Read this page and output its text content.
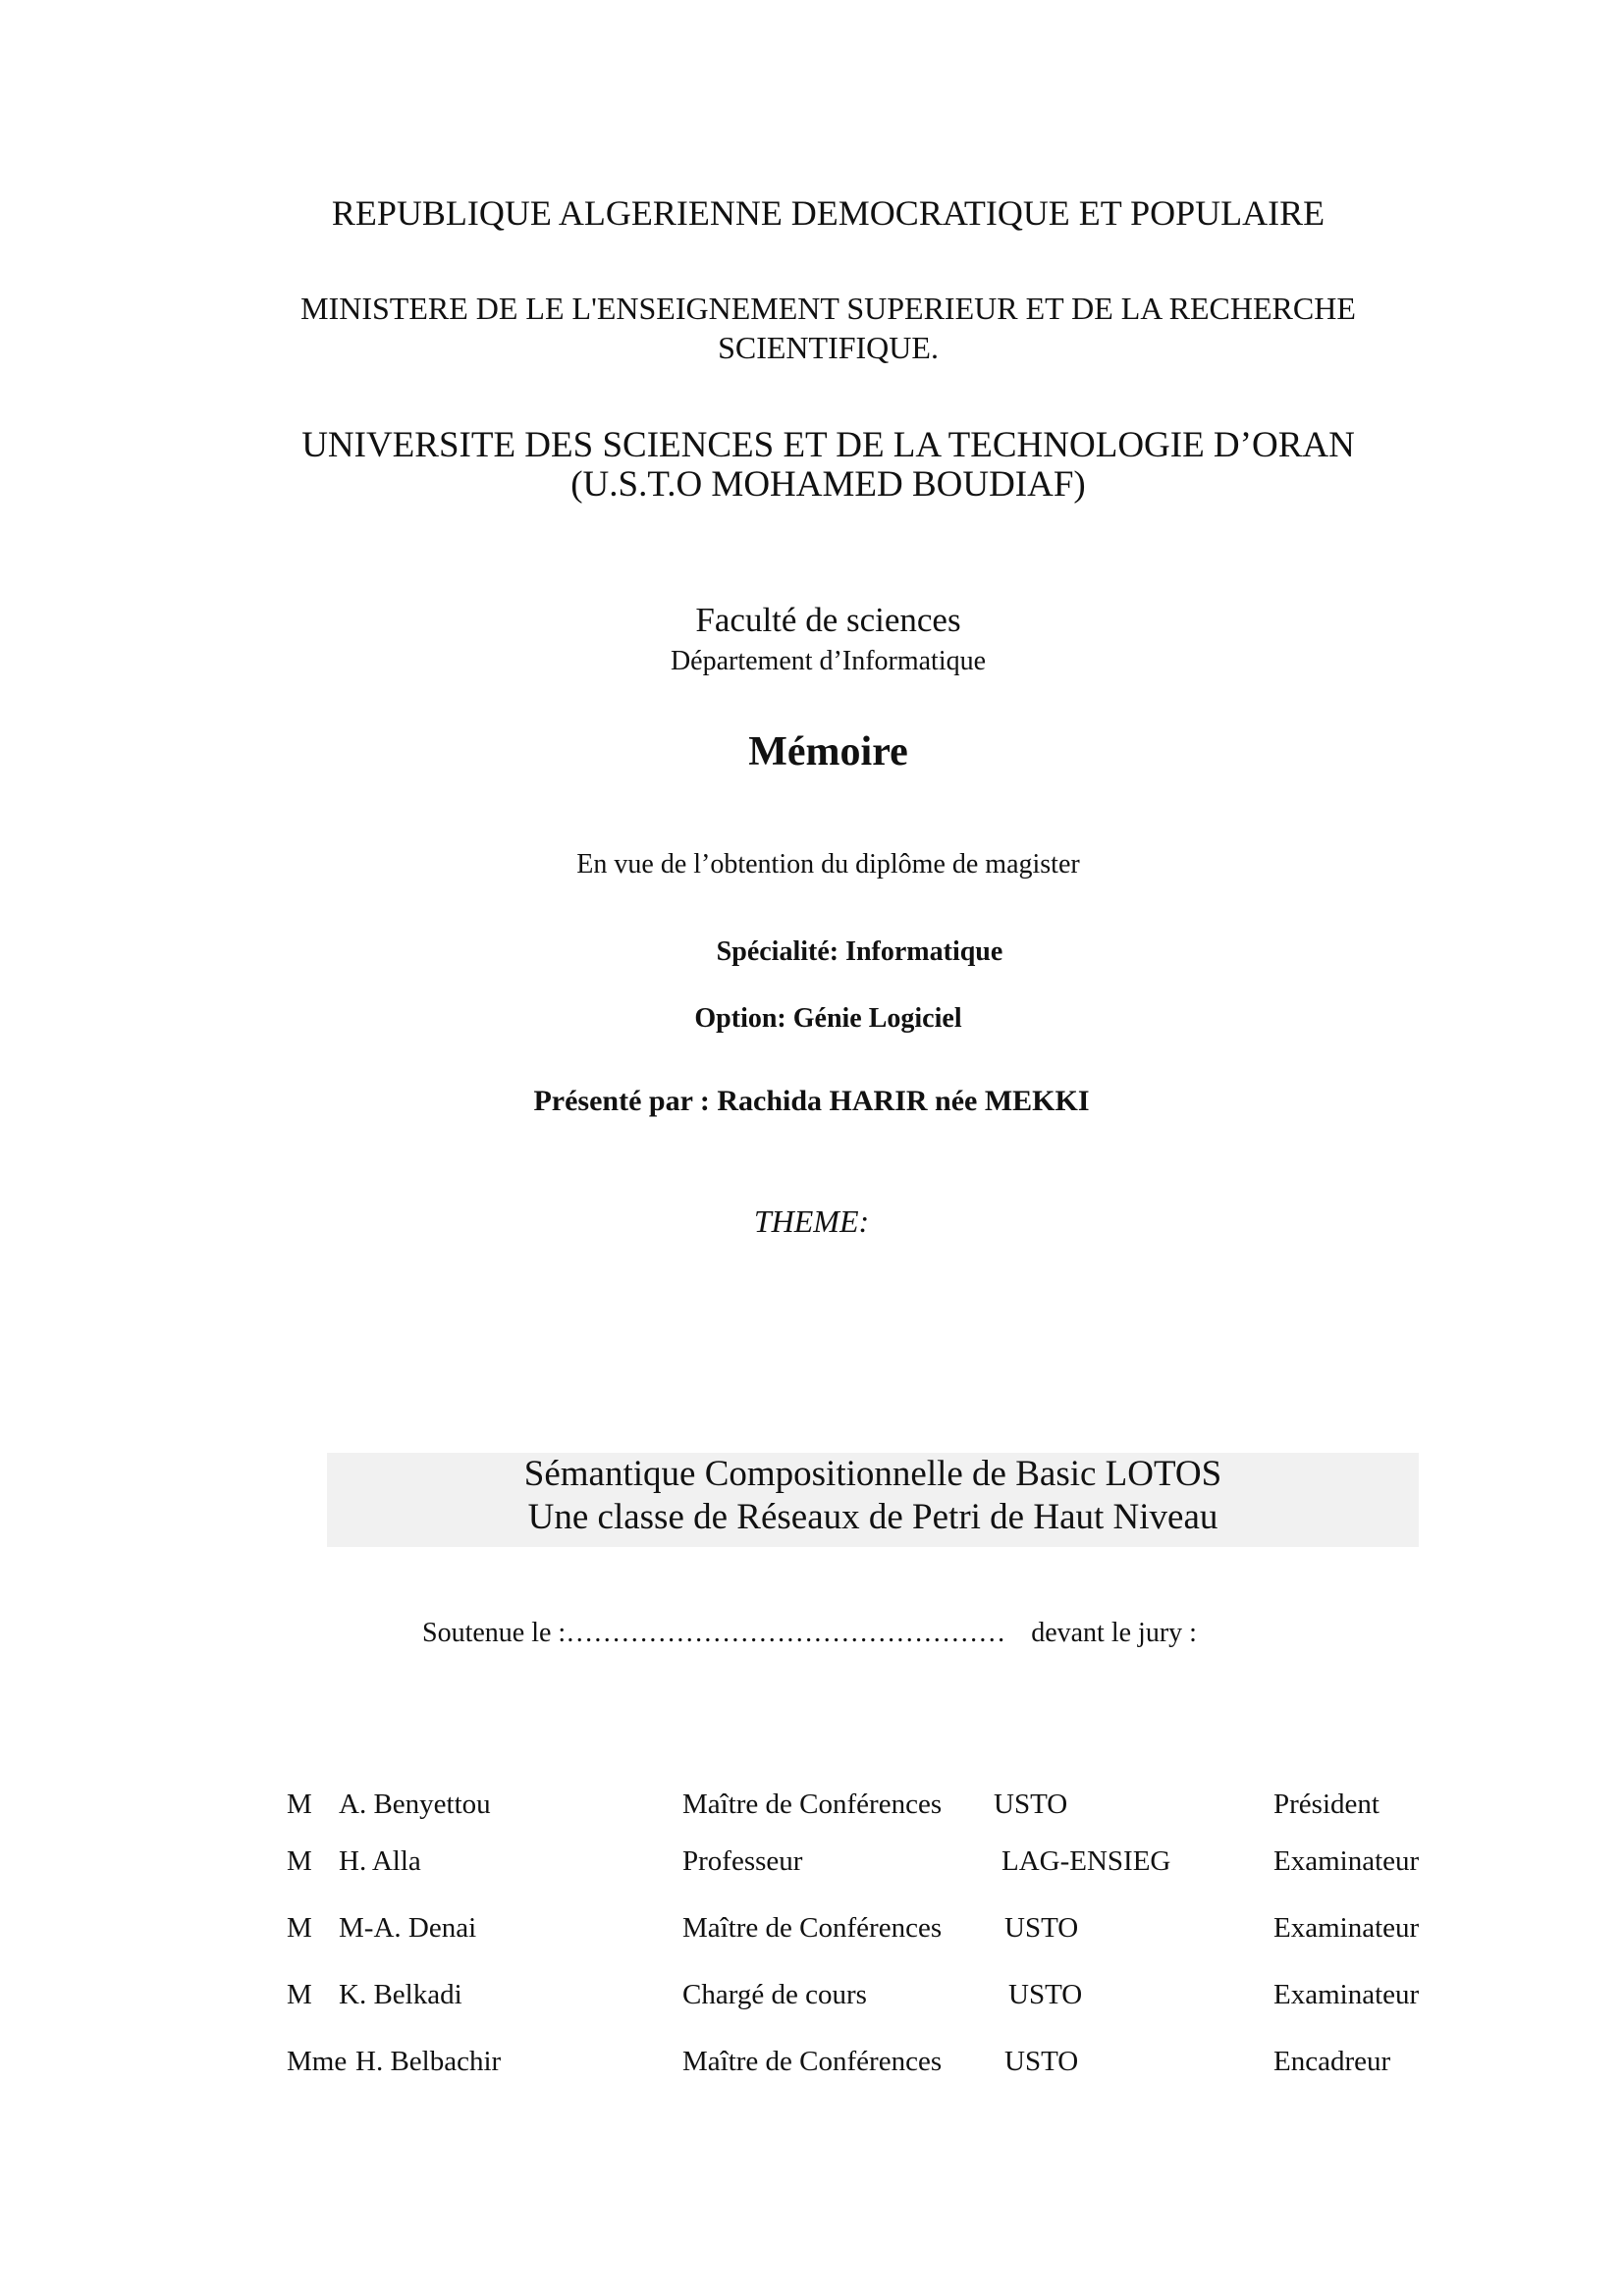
REPUBLIQUE ALGERIENNE DEMOCRATIQUE ET POPULAIRE
MINISTERE DE LE L'ENSEIGNEMENT SUPERIEUR ET DE LA RECHERCHE
SCIENTIFIQUE.
UNIVERSITE DES SCIENCES ET DE LA TECHNOLOGIE D’ORAN
(U.S.T.O MOHAMED BOUDIAF)
Faculté de sciences
Département d’Informatique
Mémoire
En vue de l’obtention du diplôme de magister
Spécialité: Informatique
Option: Génie Logiciel
Présenté par : Rachida HARIR née MEKKI
THEME:
Sémantique Compositionnelle de Basic LOTOS
Une classe de Réseaux de Petri de Haut Niveau
Soutenue le :………………………………………… devant le jury :
M A. Benyettou	Maître de Conférences USTO	Président
M H. Alla	Professeur	LAG-ENSIEG	Examinateur
M M-A. Denai	Maître de Conférences USTO	Examinateur
M K. Belkadi	Chargé de cours	USTO	Examinateur
Mme H. Belbachir	Maître de Conférences USTO	Encadreur
